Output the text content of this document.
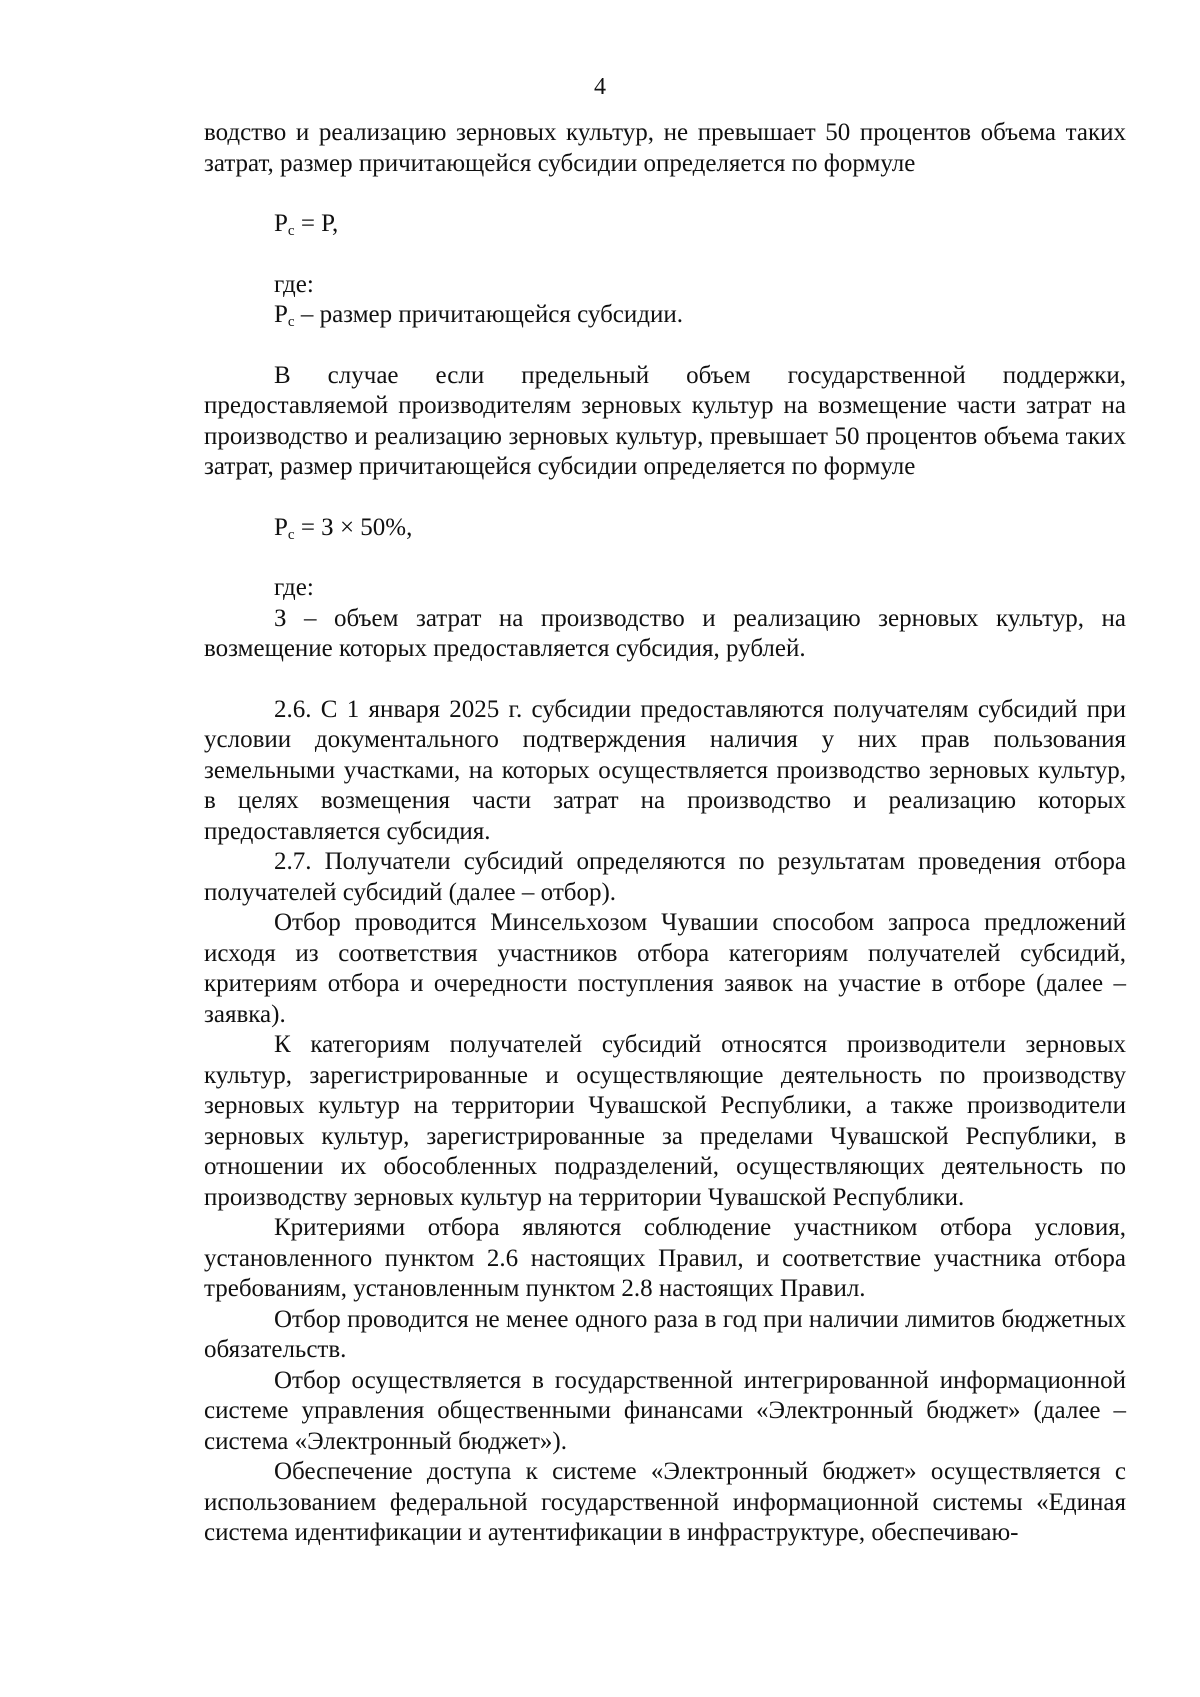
4

водство и реализацию зерновых культур, не превышает 50 процентов объема таких затрат, размер причитающейся субсидии определяется по формуле

$Р_с = Р$,

где:

$Р_с$ – размер причитающейся субсидии.

В случае если предельный объем государственной поддержки, предоставляемой производителям зерновых культур на возмещение части затрат на производство и реализацию зерновых культур, превышает 50 процентов объема таких затрат, размер причитающейся субсидии определяется по формуле

$Р_с = З \times 50\%$,

где:

З – объем затрат на производство и реализацию зерновых культур, на возмещение которых предоставляется субсидия, рублей.

2.6. С 1 января 2025 г. субсидии предоставляются получателям субсидий при условии документального подтверждения наличия у них прав пользования земельными участками, на которых осуществляется производство зерновых культур, в целях возмещения части затрат на производство и реализацию которых предоставляется субсидия.

2.7. Получатели субсидий определяются по результатам проведения отбора получателей субсидий (далее – отбор).

Отбор проводится Минсельхозом Чувашии способом запроса предложений исходя из соответствия участников отбора категориям получателей субсидий, критериям отбора и очередности поступления заявок на участие в отборе (далее – заявка).

К категориям получателей субсидий относятся производители зерновых культур, зарегистрированные и осуществляющие деятельность по производству зерновых культур на территории Чувашской Республики, а также производители зерновых культур, зарегистрированные за пределами Чувашской Республики, в отношении их обособленных подразделений, осуществляющих деятельность по производству зерновых культур на территории Чувашской Республики.

Критериями отбора являются соблюдение участником отбора условия, установленного пунктом 2.6 настоящих Правил, и соответствие участника отбора требованиям, установленным пунктом 2.8 настоящих Правил.

Отбор проводится не менее одного раза в год при наличии лимитов бюджетных обязательств.

Отбор осуществляется в государственной интегрированной информационной системе управления общественными финансами «Электронный бюджет» (далее – система «Электронный бюджет»).

Обеспечение доступа к системе «Электронный бюджет» осуществляется с использованием федеральной государственной информационной системы «Единая система идентификации и аутентификации в инфраструктуре, обеспечиваю-
